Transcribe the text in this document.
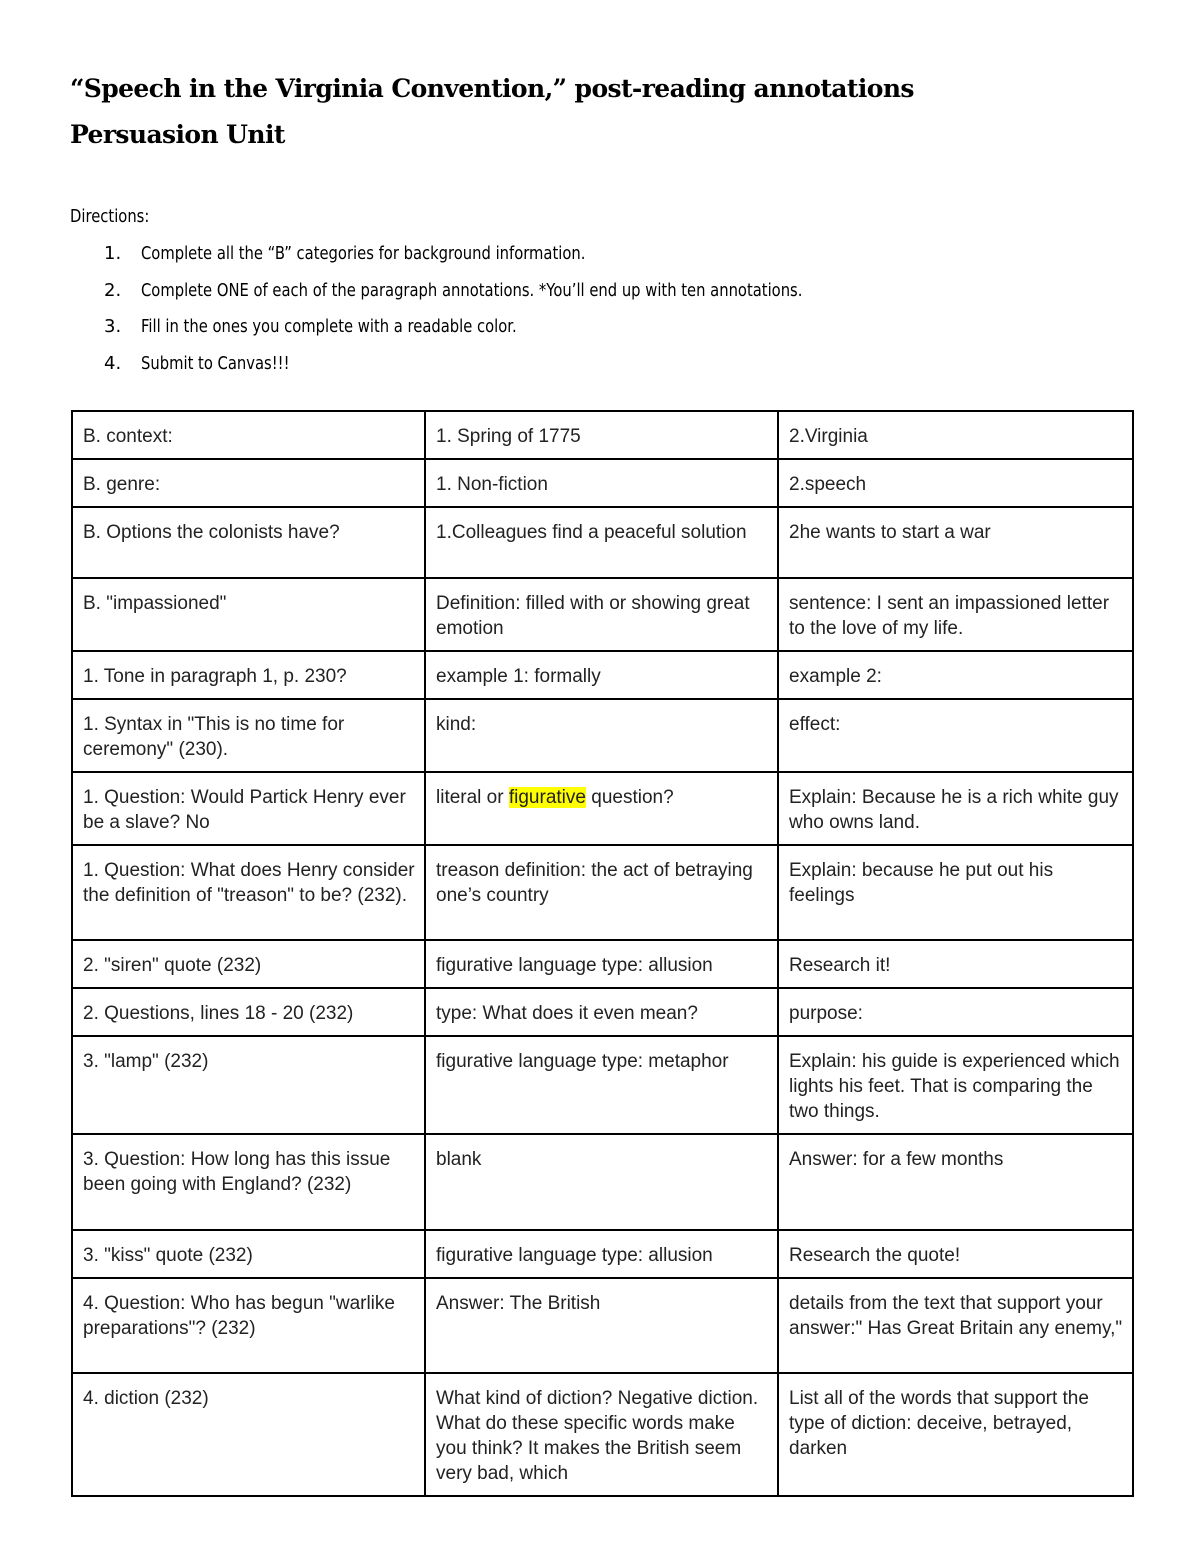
“Speech in the Virginia Convention,” post-reading annotations
Persuasion Unit
Directions:
1.	Complete all the “B” categories for background information.
2.	Complete ONE of each of the paragraph annotations. *You’ll end up with ten annotations.
3.	Fill in the ones you complete with a readable color.
4.	Submit to Canvas!!!
B. context:	1. Spring of 1775	2.Virginia
B. genre:	1. Non-fiction	2.speech
B. Options the colonists have?	1.Colleagues find a peaceful solution	2he wants to start a war
B. "impassioned"	Definition: filled with or showing great emotion	sentence: I sent an impassioned letter to the love of my life.
1. Tone in paragraph 1, p. 230?	example 1: formally	example 2:
1. Syntax in "This is no time for ceremony" (230).	kind:	effect:
1. Question: Would Partick Henry ever be a slave? No	literal or figurative question?	Explain: Because he is a rich white guy who owns land.
1. Question: What does Henry consider the definition of "treason" to be? (232).	treason definition: the act of betraying one’s country	Explain: because he put out his feelings
2. "siren" quote (232)	figurative language type: allusion	Research it!
2. Questions, lines 18 - 20 (232)	type: What does it even mean?	purpose:
3. "lamp" (232)	figurative language type: metaphor	Explain: his guide is experienced which lights his feet. That is comparing the two things.
3. Question: How long has this issue been going with England? (232)	blank	Answer: for a few months
3. "kiss" quote (232)	figurative language type: allusion	Research the quote!
4. Question: Who has begun "warlike preparations"? (232)	Answer: The British	details from the text that support your answer:" Has Great Britain any enemy,"
4. diction (232)	What kind of diction? Negative diction. What do these specific words make you think? It makes the British seem very bad, which	List all of the words that support the type of diction: deceive, betrayed, darken
